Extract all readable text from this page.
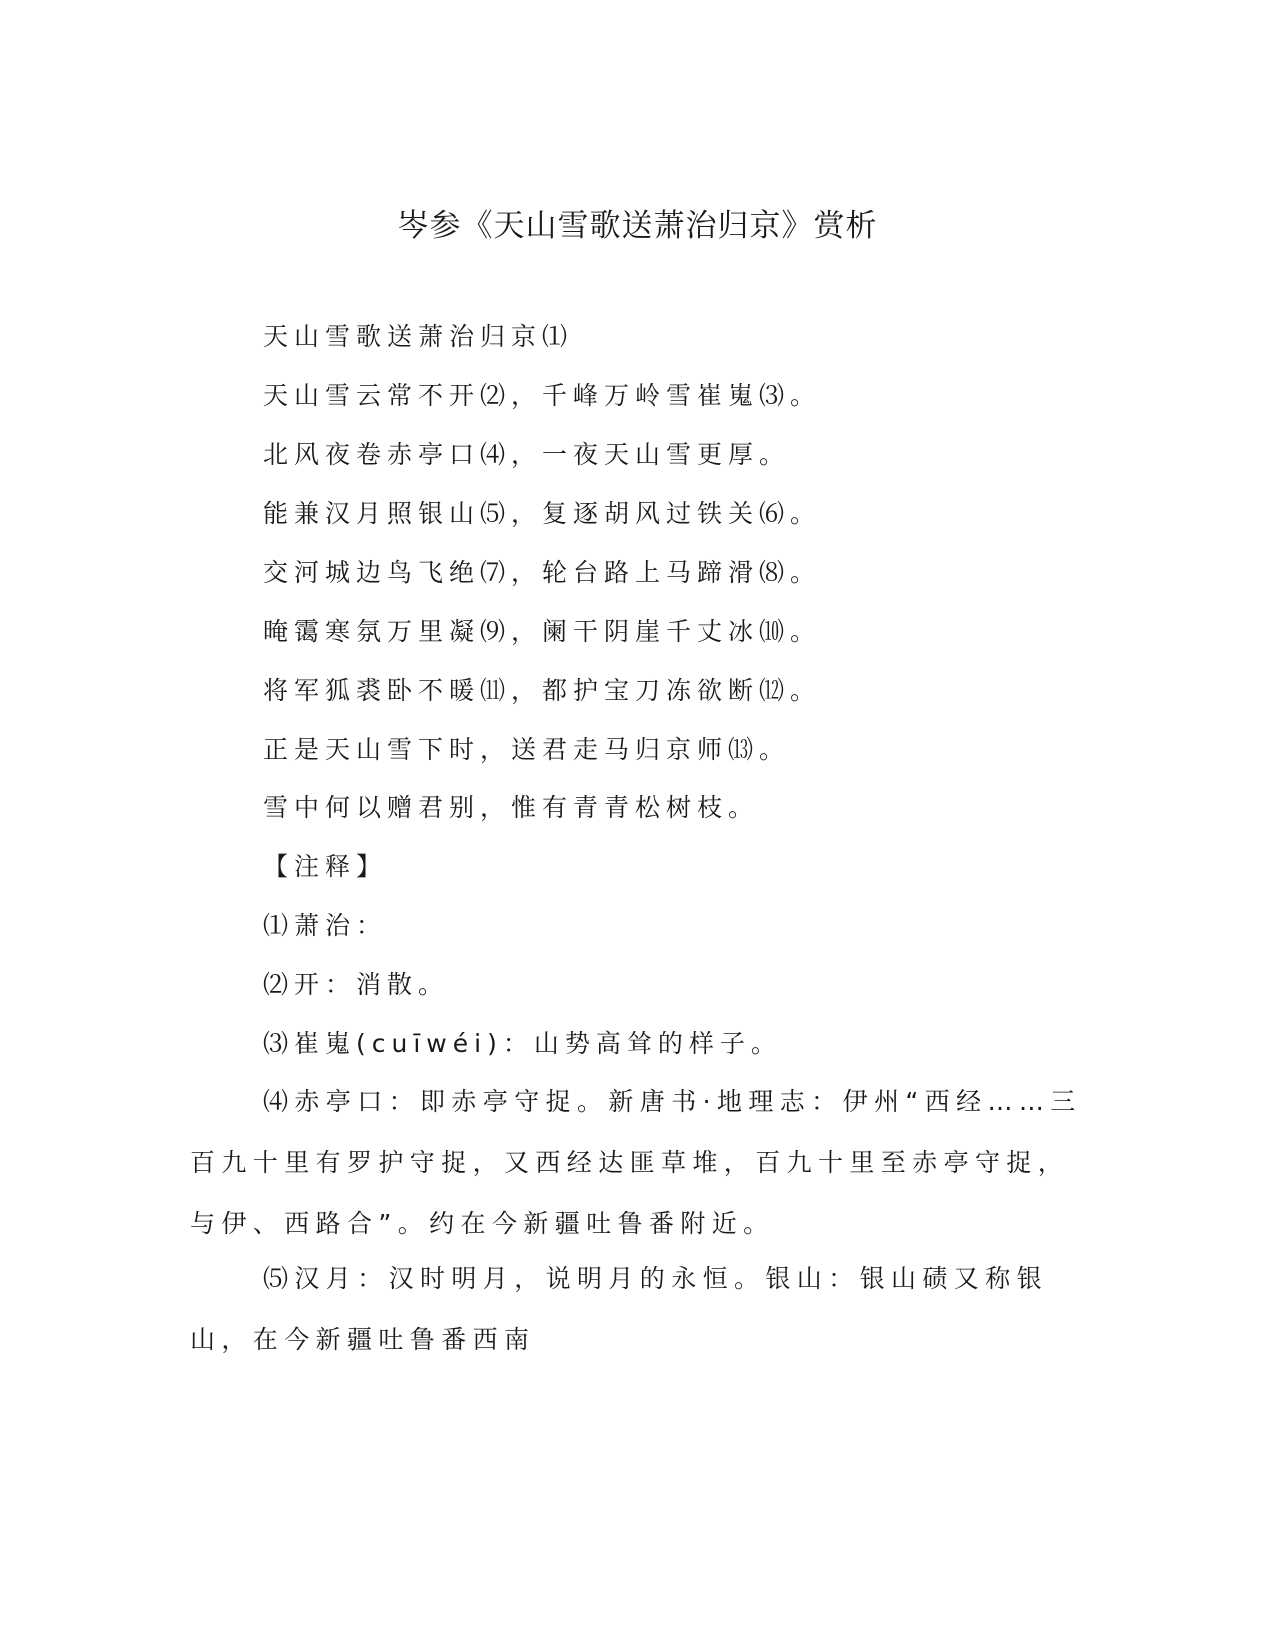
岑参《天山雪歌送萧治归京》赏析
天山雪歌送萧治归京⑴
天山雪云常不开⑵，千峰万岭雪崔嵬⑶。
北风夜卷赤亭口⑷，一夜天山雪更厚。
能兼汉月照银山⑸，复逐胡风过铁关⑹。
交河城边鸟飞绝⑺，轮台路上马蹄滑⑻。
晻霭寒氛万里凝⑼，阑干阴崖千丈冰⑽。
将军狐裘卧不暖⑾，都护宝刀冻欲断⑿。
正是天山雪下时，送君走马归京师⒀。
雪中何以赠君别，惟有青青松树枝。
【注释】
⑴萧治：
⑵开：消散。
⑶崔嵬(cuīwéi)：山势高耸的样子。
⑷赤亭口：即赤亭守捉。新唐书·地理志：伊州“西经……三百九十里有罗护守捉，又西经达匪草堆，百九十里至赤亭守捉，与伊、西路合”。约在今新疆吐鲁番附近。
⑸汉月：汉时明月，说明月的永恒。银山：银山碛又称银山，在今新疆吐鲁番西南
